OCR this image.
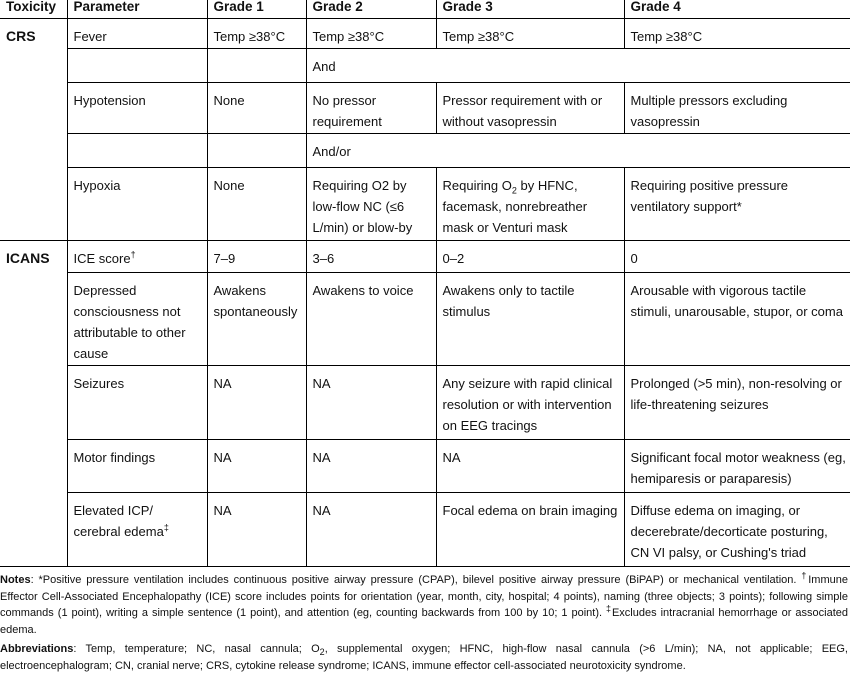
Toxicity	Parameter	Grade 1	Grade 2	Grade 3	Grade 4
CRS	Fever	Temp ≥38°C	Temp ≥38°C	Temp ≥38°C	Temp ≥38°C
			And		
	Hypotension	None	No pressor requirement	Pressor requirement with or without vasopressin	Multiple pressors excluding vasopressin
			And/or		
	Hypoxia	None	Requiring O2 by low-flow NC (≤6 L/min) or blow-by	Requiring $O_2$ by HFNC, facemask, nonrebreather mask or Venturi mask	Requiring positive pressure ventilatory support*
ICANS	ICE score†	7–9	3–6	0–2	0
	Depressed consciousness not attributable to other cause	Awakens spontaneously	Awakens to voice	Awakens only to tactile stimulus	Arousable with vigorous tactile stimuli, unarousable, stupor, or coma
	Seizures	NA	NA	Any seizure with rapid clinical resolution or with intervention on EEG tracings	Prolonged (>5 min), non-resolving or life-threatening seizures
	Motor findings	NA	NA	NA	Significant focal motor weakness (eg, hemiparesis or paraparesis)
	Elevated ICP/ cerebral edema‡	NA	NA	Focal edema on brain imaging	Diffuse edema on imaging, or decerebrate/decorticate posturing, CN VI palsy, or Cushing's triad

Notes: *Positive pressure ventilation includes continuous positive airway pressure (CPAP), bilevel positive airway pressure (BiPAP) or mechanical ventilation. †Immune Effector Cell-Associated Encephalopathy (ICE) score includes points for orientation (year, month, city, hospital; 4 points), naming (three objects; 3 points); following simple commands (1 point), writing a simple sentence (1 point), and attention (eg, counting backwards from 100 by 10; 1 point). ‡Excludes intracranial hemorrhage or associated edema.

Abbreviations: Temp, temperature; NC, nasal cannula; $O_2$, supplemental oxygen; HFNC, high-flow nasal cannula (>6 L/min); NA, not applicable; EEG, electroencephalogram; CN, cranial nerve; CRS, cytokine release syndrome; ICANS, immune effector cell-associated neurotoxicity syndrome.
